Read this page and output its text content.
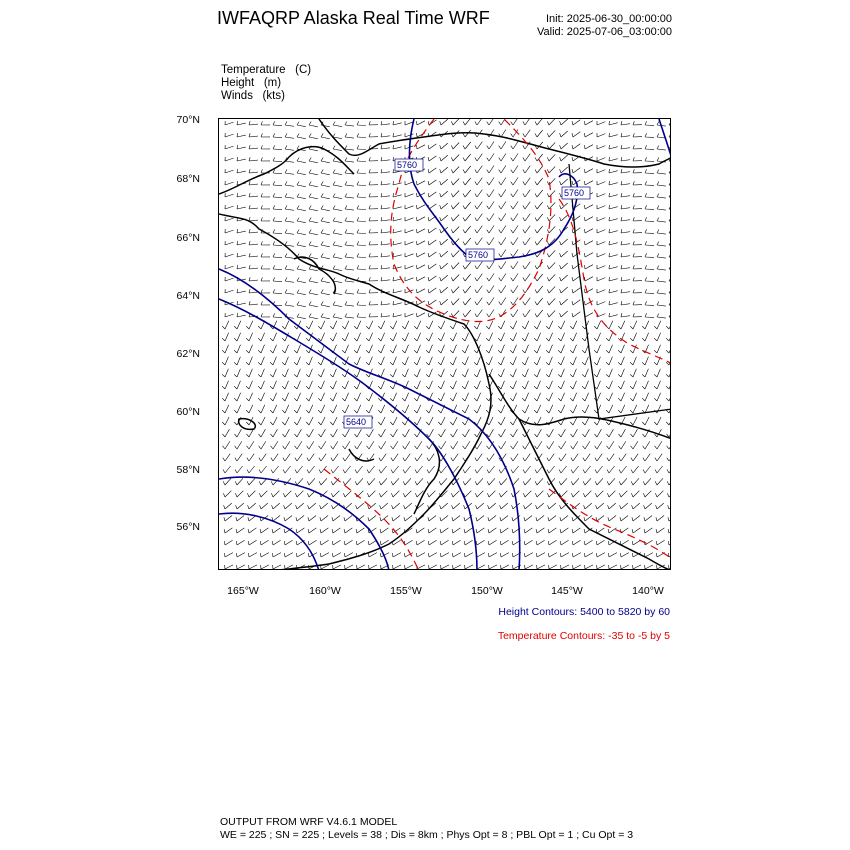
IWFAQRP Alaska Real Time WRF	Init: 2025-06-30_00:00:00
Valid: 2025-07-06_03:00:00
Temperature (C)
Height (m)
Winds (kts)
70°N
68°N
66°N
64°N
62°N
60°N
58°N
56°N
165°W	160°W	155°W	150°W	145°W	140°W
5760
5760
5760
5640
Height Contours: 5400 to 5820 by 60
Temperature Contours: -35 to -5 by 5
OUTPUT FROM WRF V4.6.1 MODEL
WE = 225 ; SN = 225 ; Levels = 38 ; Dis = 8km ; Phys Opt = 8 ; PBL Opt = 1 ; Cu Opt = 3
